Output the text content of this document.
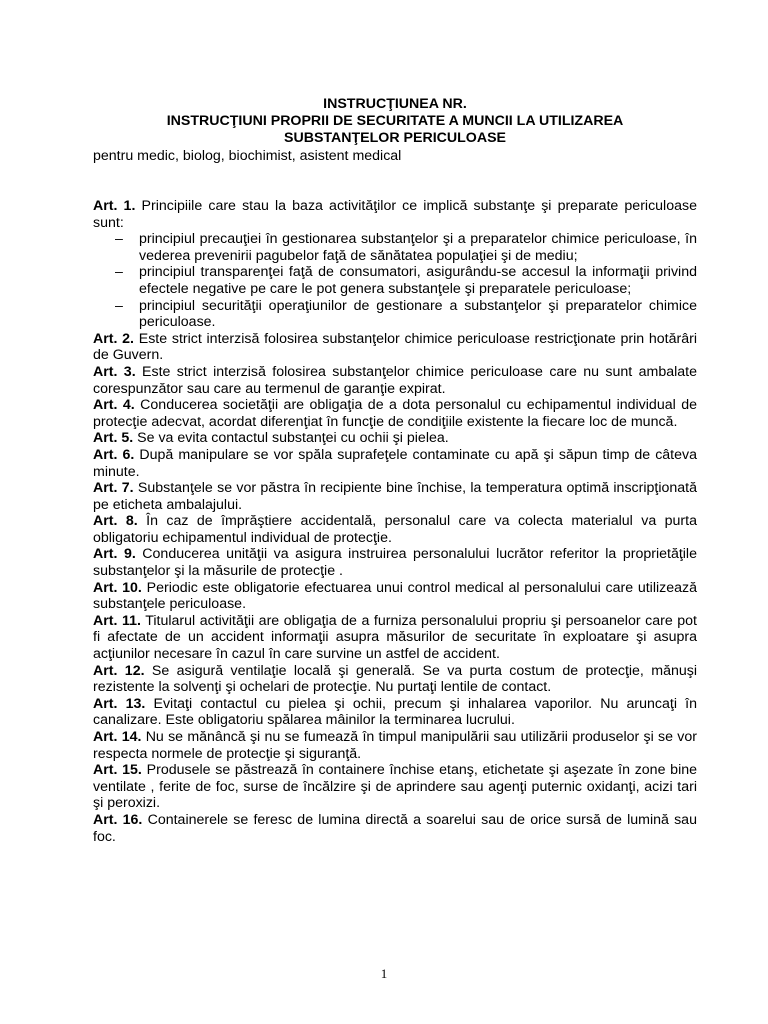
INSTRUCŢIUNEA NR.
INSTRUCŢIUNI PROPRII DE SECURITATE A MUNCII LA UTILIZAREA
SUBSTANŢELOR PERICULOASE
pentru medic, biolog, biochimist, asistent medical
Art. 1. Principiile care stau la baza activităţilor ce implică substanţe şi preparate periculoase sunt:
– principiul precauţiei în gestionarea substanţelor şi a preparatelor chimice periculoase, în vederea prevenirii pagubelor faţă de sănătatea populaţiei şi de mediu;
– principiul transparenţei faţă de consumatori, asigurându-se accesul la informaţii privind efectele negative pe care le pot genera substanţele şi preparatele periculoase;
– principiul securităţii operaţiunilor de gestionare a substanţelor şi preparatelor chimice periculoase.
Art. 2. Este strict interzisă folosirea substanţelor chimice periculoase restricţionate prin hotărâri de Guvern.
Art. 3. Este strict interzisă folosirea substanţelor chimice periculoase care nu sunt ambalate corespunzător sau care au termenul de garanţie expirat.
Art. 4. Conducerea societăţii are obligaţia de a dota personalul cu echipamentul individual de protecţie adecvat, acordat diferenţiat în funcţie de condiţiile existente la fiecare loc de muncă.
Art. 5. Se va evita contactul substanţei cu ochii şi pielea.
Art. 6. După manipulare se vor spăla suprafeţele contaminate cu apă şi săpun timp de câteva minute.
Art. 7. Substanţele se vor păstra în recipiente bine închise, la temperatura optimă inscripţionată pe eticheta ambalajului.
Art. 8. În caz de împrăştiere accidentală, personalul care va colecta materialul va purta obligatoriu echipamentul individual de protecţie.
Art. 9. Conducerea unităţii va asigura instruirea personalului lucrător referitor la proprietăţile substanţelor şi la măsurile de protecţie .
Art. 10. Periodic este obligatorie efectuarea unui control medical al personalului care utilizează substanţele periculoase.
Art. 11. Titularul activităţii are obligaţia de a furniza personalului propriu şi persoanelor care pot fi afectate de un accident informaţii asupra măsurilor de securitate în exploatare şi asupra acţiunilor necesare în cazul în care survine un astfel de accident.
Art. 12. Se asigură ventilaţie locală şi generală. Se va purta costum de protecţie, mănuşi rezistente la solvenţi şi ochelari de protecţie. Nu purtaţi lentile de contact.
Art. 13. Evitaţi contactul cu pielea şi ochii, precum şi inhalarea vaporilor. Nu aruncaţi în canalizare. Este obligatoriu spălarea mâinilor la terminarea lucrului.
Art. 14. Nu se mănâncă şi nu se fumează în timpul manipulării sau utilizării produselor şi se vor respecta normele de protecţie şi siguranţă.
Art. 15. Produsele se păstrează în containere închise etanş, etichetate şi aşezate în zone bine ventilate , ferite de foc, surse de încălzire şi de aprindere sau agenţi puternic oxidanţi, acizi tari şi peroxizi.
Art. 16. Containerele se feresc de lumina directă a soarelui sau de orice sursă de lumină sau foc.
1
